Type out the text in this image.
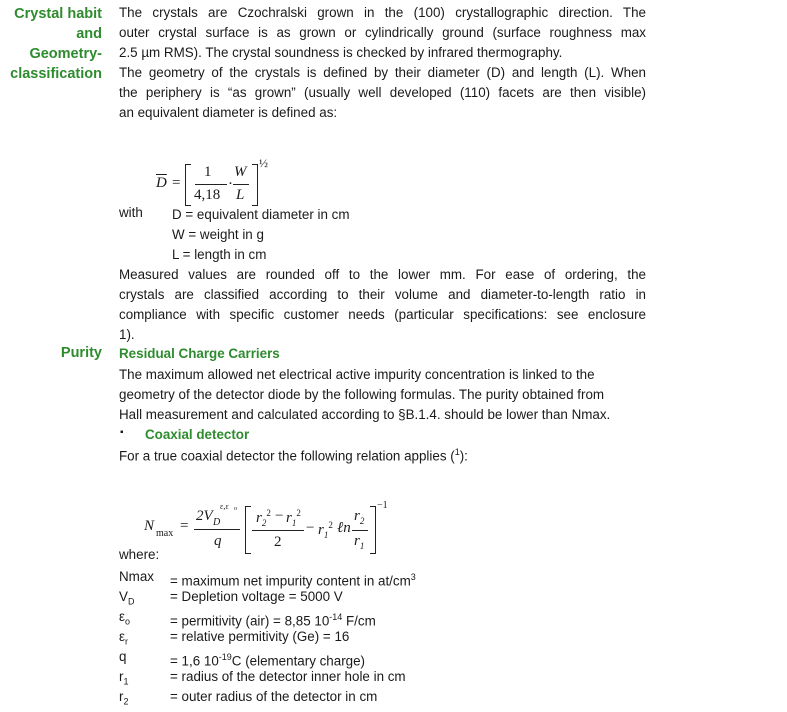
Crystal habit
and
Geometry-
classification
The crystals are Czochralski grown in the (100) crystallographic direction. The
outer crystal surface is as grown or cylindrically ground (surface roughness max
2.5 µm RMS). The crystal soundness is checked by infrared thermography.
The geometry of the crystals is defined by their diameter (D) and length (L). When
the periphery is “as grown” (usually well developed (110) facets are then visible)
an equivalent diameter is defined as:
$\overline{D}$ =
1
4,18
·
W
L
½
with D = equivalent diameter in cm
W = weight in g
L = length in cm
Measured values are rounded off to the lower mm. For ease of ordering, the
crystals are classified according to their volume and diameter-to-length ratio in
compliance with specific customer needs (particular specifications: see enclosure
1).
Purity Residual Charge Carriers
The maximum allowed net electrical active impurity concentration is linked to the
geometry of the detector diode by the following formulas. The purity obtained from
Hall measurement and calculated according to §B.1.4. should be lower than Nmax.
▪ Coaxial detector
For a true coaxial detector the following relation applies ($^1$):
N max =
2V D
ε,ε o
q
$r_2^2 - r_1^2$
2
− $r_1^2$ ℓn
$r_2$
$r_1$
−1
where:
Nmax = maximum net impurity content in $at/cm^3$
$V_D$	= Depletion voltage = 5000 V
$\varepsilon_o$	= permitivity (air) = 8,85 $10^{-14}$ F/cm
$\varepsilon_r$	= relative permitivity (Ge) = 16
q	= 1,6 $10^{-19}C$ (elementary charge)
$r_1$	= radius of the detector inner hole in cm
$r_2$	= outer radius of the detector in cm
